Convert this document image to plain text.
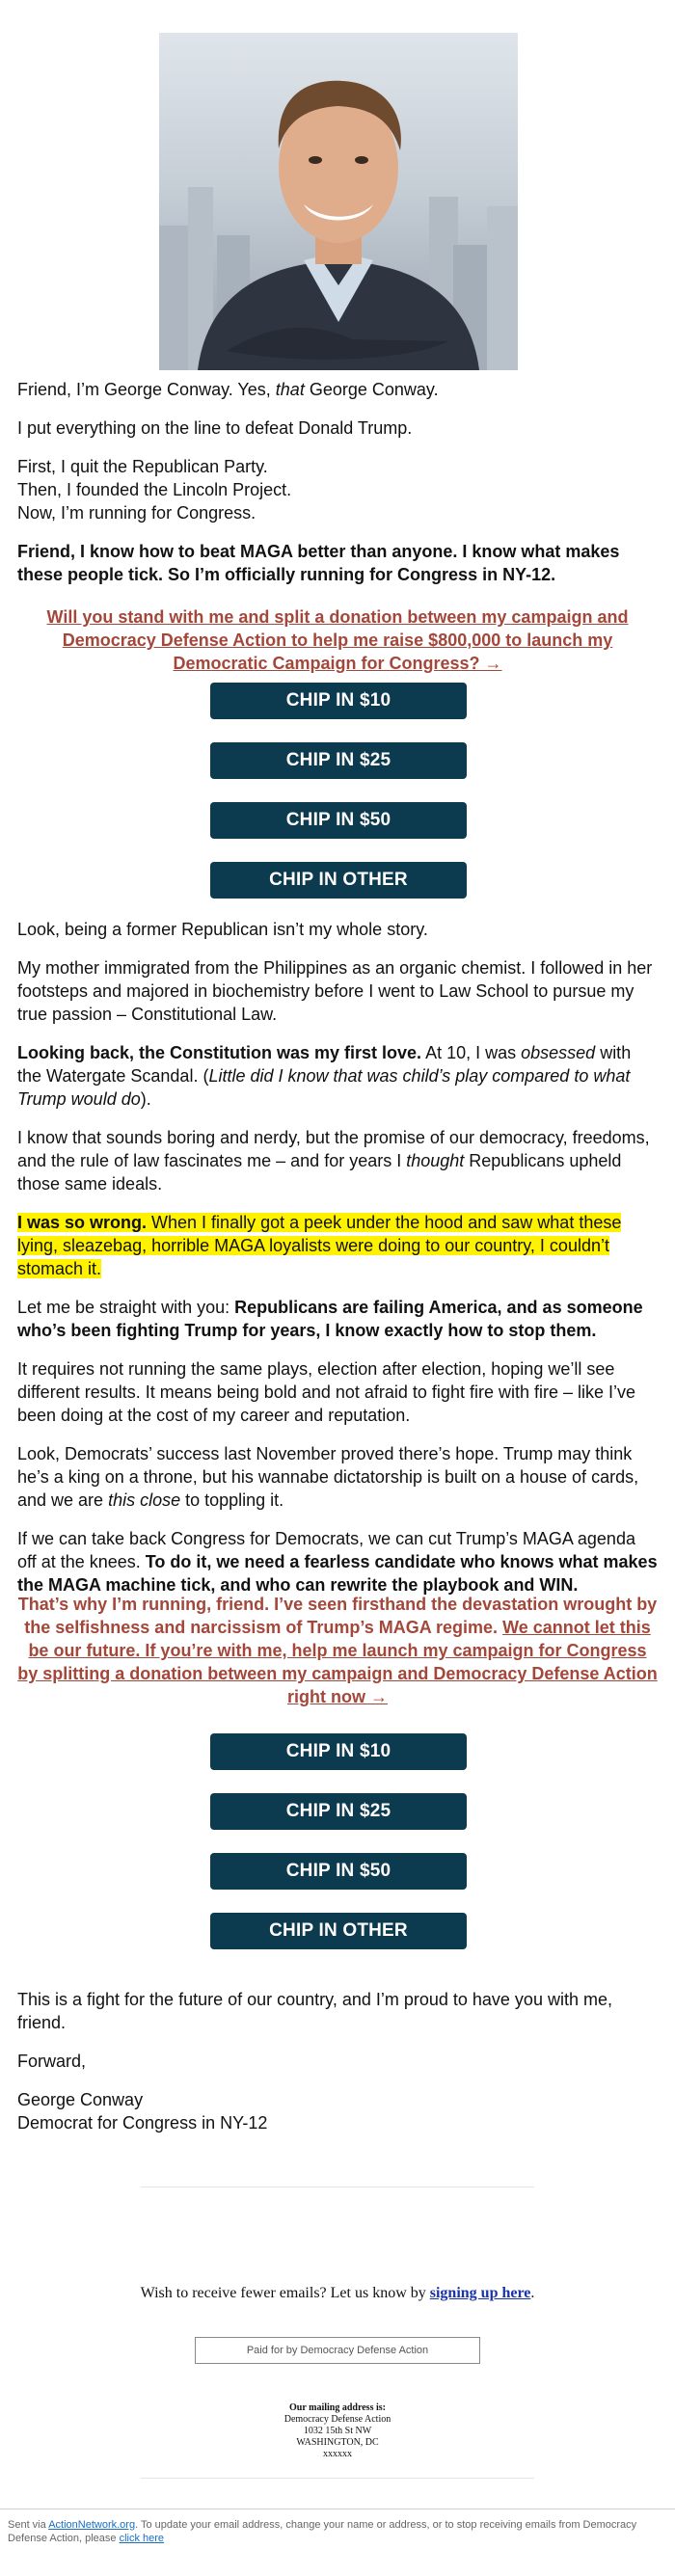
Friend, I’m George Conway. Yes, that George Conway.

I put everything on the line to defeat Donald Trump.

First, I quit the Republican Party.

Then, I founded the Lincoln Project.

Now, I’m running for Congress.

Friend, I know how to beat MAGA better than anyone. I know what makes these people tick. So I’m officially running for Congress in NY-12.

Will you stand with me and split a donation between my campaign and Democracy Defense Action to help me raise $800,000 to launch my Democratic Campaign for Congress? →
CHIP IN $10
CHIP IN $25
CHIP IN $50
CHIP IN OTHER

Look, being a former Republican isn’t my whole story.

My mother immigrated from the Philippines as an organic chemist. I followed in her footsteps and majored in biochemistry before I went to Law School to pursue my true passion – Constitutional Law.

Looking back, the Constitution was my first love. At 10, I was obsessed with the Watergate Scandal. (Little did I know that was child’s play compared to what Trump would do).

I know that sounds boring and nerdy, but the promise of our democracy, freedoms, and the rule of law fascinates me – and for years I thought Republicans upheld those same ideals.

I was so wrong. When I finally got a peek under the hood and saw what these lying, sleazebag, horrible MAGA loyalists were doing to our country, I couldn’t stomach it.

Let me be straight with you: Republicans are failing America, and as someone who’s been fighting Trump for years, I know exactly how to stop them.

It requires not running the same plays, election after election, hoping we’ll see different results. It means being bold and not afraid to fight fire with fire – like I’ve been doing at the cost of my career and reputation.

Look, Democrats’ success last November proved there’s hope. Trump may think he’s a king on a throne, but his wannabe dictatorship is built on a house of cards, and we are this close to toppling it.

If we can take back Congress for Democrats, we can cut Trump’s MAGA agenda off at the knees. To do it, we need a fearless candidate who knows what makes the MAGA machine tick, and who can rewrite the playbook and WIN.

That’s why I’m running, friend. I’ve seen firsthand the devastation wrought by the selfishness and narcissism of Trump’s MAGA regime. We cannot let this be our future. If you’re with me, help me launch my campaign for Congress by splitting a donation between my campaign and Democracy Defense Action right now →
CHIP IN $10
CHIP IN $25
CHIP IN $50
CHIP IN OTHER

This is a fight for the future of our country, and I’m proud to have you with me, friend.

Forward,

George Conway

Democrat for Congress in NY-12

Wish to receive fewer emails? Let us know by signing up here.
Paid for by Democracy Defense Action
Our mailing address is:
Democracy Defense Action
1032 15th St NW
WASHINGTON, DC
xxxxxx
Sent via ActionNetwork.org. To update your email address, change your name or address, or to stop receiving emails from Democracy Defense Action, please click here
